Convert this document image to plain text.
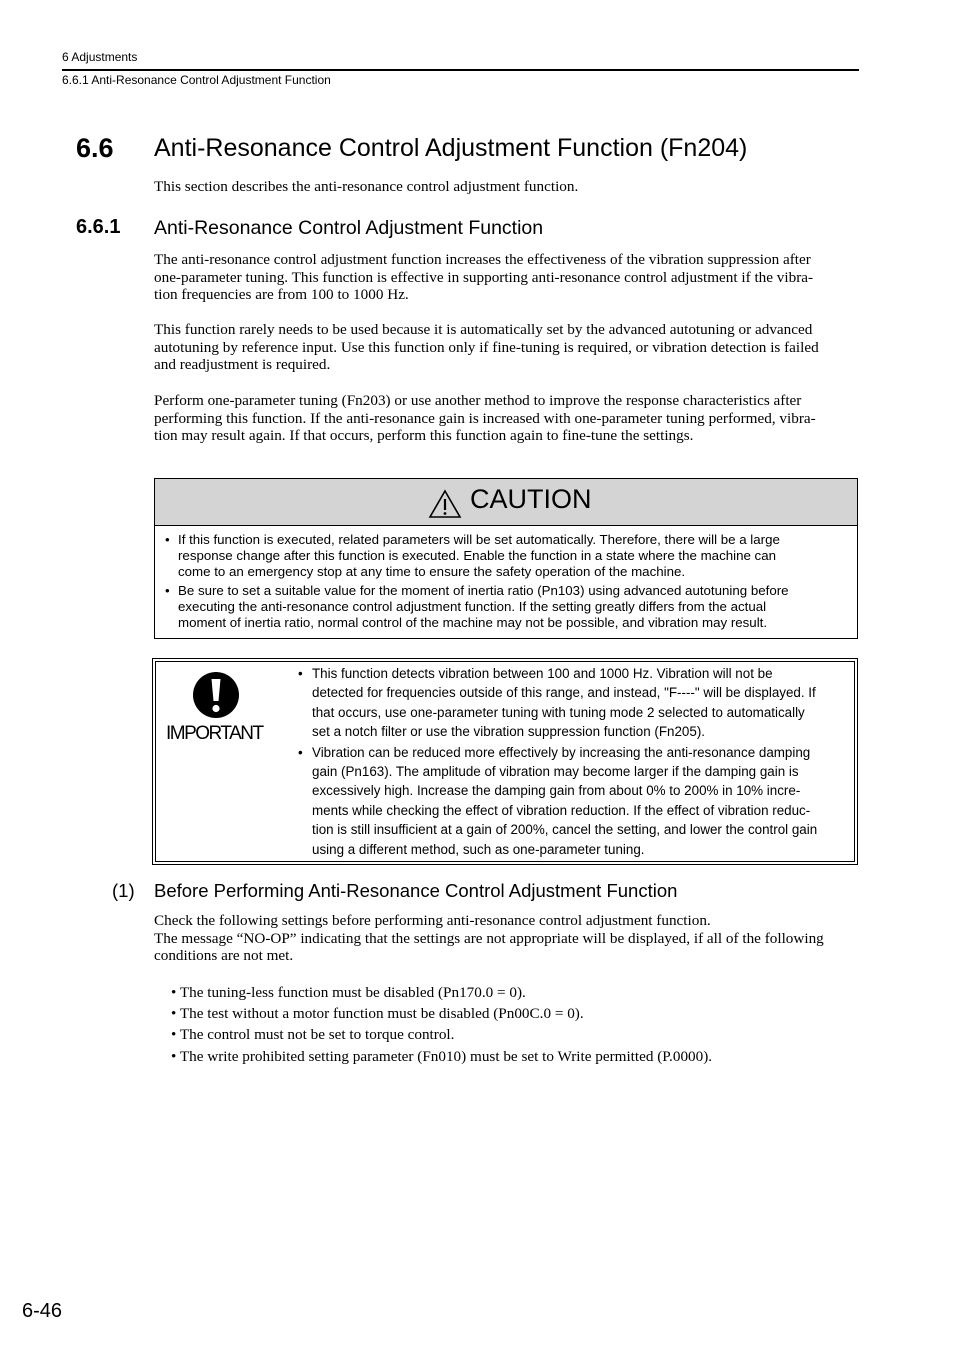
6 Adjustments
6.6.1 Anti-Resonance Control Adjustment Function
6.6 Anti-Resonance Control Adjustment Function (Fn204)
This section describes the anti-resonance control adjustment function.
6.6.1 Anti-Resonance Control Adjustment Function
The anti-resonance control adjustment function increases the effectiveness of the vibration suppression after
one-parameter tuning. This function is effective in supporting anti-resonance control adjustment if the vibra-
tion frequencies are from 100 to 1000 Hz.
This function rarely needs to be used because it is automatically set by the advanced autotuning or advanced
autotuning by reference input. Use this function only if fine-tuning is required, or vibration detection is failed
and readjustment is required.
Perform one-parameter tuning (Fn203) or use another method to improve the response characteristics after
performing this function. If the anti-resonance gain is increased with one-parameter tuning performed, vibra-
tion may result again. If that occurs, perform this function again to fine-tune the settings.
CAUTION
• If this function is executed, related parameters will be set automatically. Therefore, there will be a large
response change after this function is executed. Enable the function in a state where the machine can
come to an emergency stop at any time to ensure the safety operation of the machine.
• Be sure to set a suitable value for the moment of inertia ratio (Pn103) using advanced autotuning before
executing the anti-resonance control adjustment function. If the setting greatly differs from the actual
moment of inertia ratio, normal control of the machine may not be possible, and vibration may result.
IMPORTANT
• This function detects vibration between 100 and 1000 Hz. Vibration will not be
detected for frequencies outside of this range, and instead, "F----" will be displayed. If
that occurs, use one-parameter tuning with tuning mode 2 selected to automatically
set a notch filter or use the vibration suppression function (Fn205).
• Vibration can be reduced more effectively by increasing the anti-resonance damping
gain (Pn163). The amplitude of vibration may become larger if the damping gain is
excessively high. Increase the damping gain from about 0% to 200% in 10% incre-
ments while checking the effect of vibration reduction. If the effect of vibration reduc-
tion is still insufficient at a gain of 200%, cancel the setting, and lower the control gain
using a different method, such as one-parameter tuning.
(1) Before Performing Anti-Resonance Control Adjustment Function
Check the following settings before performing anti-resonance control adjustment function.
The message “NO-OP” indicating that the settings are not appropriate will be displayed, if all of the following
conditions are not met.
• The tuning-less function must be disabled (Pn170.0 = 0).
• The test without a motor function must be disabled (Pn00C.0 = 0).
• The control must not be set to torque control.
• The write prohibited setting parameter (Fn010) must be set to Write permitted (P.0000).
6-46
